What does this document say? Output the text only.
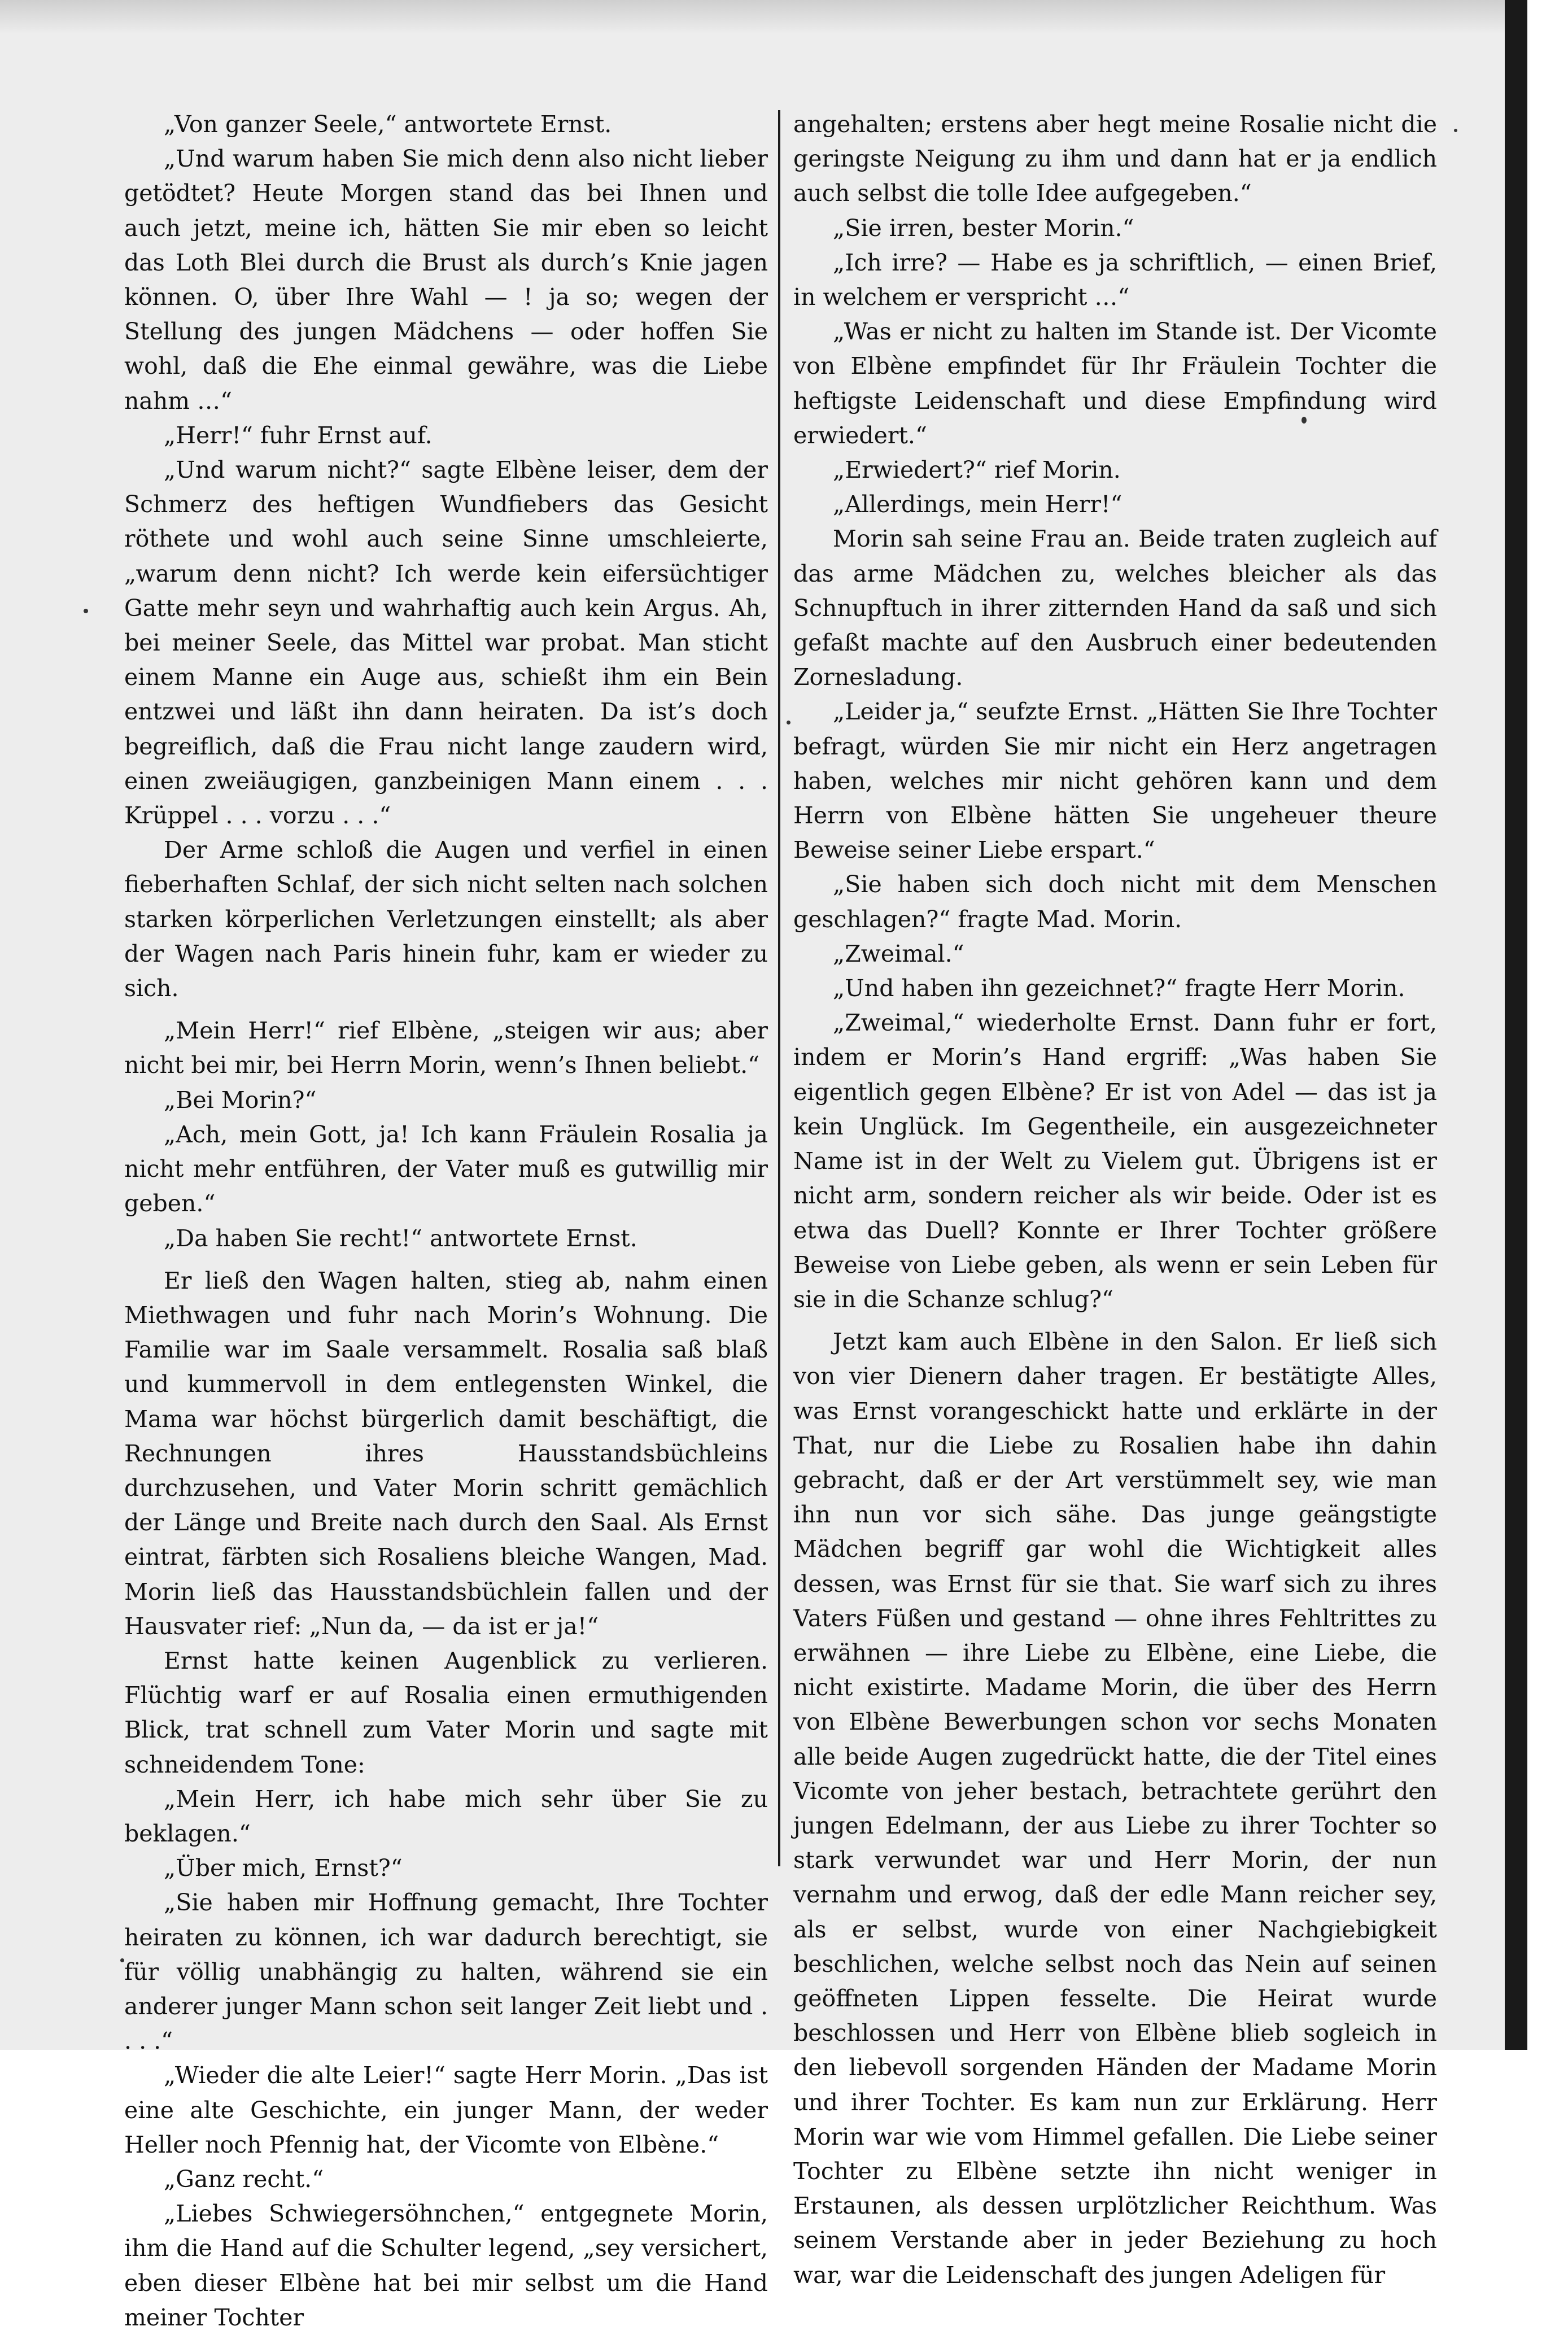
„Von ganzer Seele,“ antwortete Ernst.

„Und warum haben Sie mich denn also nicht lieber getödtet? Heute Morgen stand das bei Ihnen und auch jetzt, meine ich, hätten Sie mir eben so leicht das Loth Blei durch die Brust als durch’s Knie jagen können. O, über Ihre Wahl — ! ja so; wegen der Stellung des jungen Mädchens — oder hoffen Sie wohl, daß die Ehe einmal gewähre, was die Liebe nahm …“

„Herr!“ fuhr Ernst auf.

„Und warum nicht?“ sagte Elbène leiser, dem der Schmerz des heftigen Wundfiebers das Gesicht röthete und wohl auch seine Sinne umschleierte, „warum denn nicht? Ich werde kein eifersüchtiger Gatte mehr seyn und wahrhaftig auch kein Argus. Ah, bei meiner Seele, das Mittel war probat. Man sticht einem Manne ein Auge aus, schießt ihm ein Bein entzwei und läßt ihn dann heiraten. Da ist’s doch begreiflich, daß die Frau nicht lange zaudern wird, einen zweiäugigen, ganzbeinigen Mann einem . . . Krüppel . . . vorzu . . .“

Der Arme schloß die Augen und verfiel in einen fieberhaften Schlaf, der sich nicht selten nach solchen starken körperlichen Verletzungen einstellt; als aber der Wagen nach Paris hinein fuhr, kam er wieder zu sich.

„Mein Herr!“ rief Elbène, „steigen wir aus; aber nicht bei mir, bei Herrn Morin, wenn’s Ihnen beliebt.“

„Bei Morin?“

„Ach, mein Gott, ja! Ich kann Fräulein Rosalia ja nicht mehr entführen, der Vater muß es gutwillig mir geben.“

„Da haben Sie recht!“ antwortete Ernst.

Er ließ den Wagen halten, stieg ab, nahm einen Miethwagen und fuhr nach Morin’s Wohnung. Die Familie war im Saale versammelt. Rosalia saß blaß und kummervoll in dem entlegensten Winkel, die Mama war höchst bürgerlich damit beschäftigt, die Rechnungen ihres Hausstandsbüchleins durchzusehen, und Vater Morin schritt gemächlich der Länge und Breite nach durch den Saal. Als Ernst eintrat, färbten sich Rosaliens bleiche Wangen, Mad. Morin ließ das Hausstandsbüchlein fallen und der Hausvater rief: „Nun da, — da ist er ja!“

Ernst hatte keinen Augenblick zu verlieren. Flüchtig warf er auf Rosalia einen ermuthigenden Blick, trat schnell zum Vater Morin und sagte mit schneidendem Tone:

„Mein Herr, ich habe mich sehr über Sie zu beklagen.“

„Über mich, Ernst?“

„Sie haben mir Hoffnung gemacht, Ihre Tochter heiraten zu können, ich war dadurch berechtigt, sie für völlig unabhängig zu halten, während sie ein anderer junger Mann schon seit langer Zeit liebt und . . . .“

„Wieder die alte Leier!“ sagte Herr Morin. „Das ist eine alte Geschichte, ein junger Mann, der weder Heller noch Pfennig hat, der Vicomte von Elbène.“

„Ganz recht.“

„Liebes Schwiegersöhnchen,“ entgegnete Morin, ihm die Hand auf die Schulter legend, „sey versichert, eben dieser Elbène hat bei mir selbst um die Hand meiner Tochter

angehalten; erstens aber hegt meine Rosalie nicht die geringste Neigung zu ihm und dann hat er ja endlich auch selbst die tolle Idee aufgegeben.“

„Sie irren, bester Morin.“

„Ich irre? — Habe es ja schriftlich, — einen Brief, in welchem er verspricht …“

„Was er nicht zu halten im Stande ist. Der Vicomte von Elbène empfindet für Ihr Fräulein Tochter die heftigste Leidenschaft und diese Empfindung wird erwiedert.“

„Erwiedert?“ rief Morin.

„Allerdings, mein Herr!“

Morin sah seine Frau an. Beide traten zugleich auf das arme Mädchen zu, welches bleicher als das Schnupftuch in ihrer zitternden Hand da saß und sich gefaßt machte auf den Ausbruch einer bedeutenden Zornesladung.

„Leider ja,“ seufzte Ernst. „Hätten Sie Ihre Tochter befragt, würden Sie mir nicht ein Herz angetragen haben, welches mir nicht gehören kann und dem Herrn von Elbène hätten Sie ungeheuer theure Beweise seiner Liebe erspart.“

„Sie haben sich doch nicht mit dem Menschen geschlagen?“ fragte Mad. Morin.

„Zweimal.“

„Und haben ihn gezeichnet?“ fragte Herr Morin.

„Zweimal,“ wiederholte Ernst. Dann fuhr er fort, indem er Morin’s Hand ergriff: „Was haben Sie eigentlich gegen Elbène? Er ist von Adel — das ist ja kein Unglück. Im Gegentheile, ein ausgezeichneter Name ist in der Welt zu Vielem gut. Übrigens ist er nicht arm, sondern reicher als wir beide. Oder ist es etwa das Duell? Konnte er Ihrer Tochter größere Beweise von Liebe geben, als wenn er sein Leben für sie in die Schanze schlug?“

Jetzt kam auch Elbène in den Salon. Er ließ sich von vier Dienern daher tragen. Er bestätigte Alles, was Ernst vorangeschickt hatte und erklärte in der That, nur die Liebe zu Rosalien habe ihn dahin gebracht, daß er der Art verstümmelt sey, wie man ihn nun vor sich sähe. Das junge geängstigte Mädchen begriff gar wohl die Wichtigkeit alles dessen, was Ernst für sie that. Sie warf sich zu ihres Vaters Füßen und gestand — ohne ihres Fehltrittes zu erwähnen — ihre Liebe zu Elbène, eine Liebe, die nicht existirte. Madame Morin, die über des Herrn von Elbène Bewerbungen schon vor sechs Monaten alle beide Augen zugedrückt hatte, die der Titel eines Vicomte von jeher bestach, betrachtete gerührt den jungen Edelmann, der aus Liebe zu ihrer Tochter so stark verwundet war und Herr Morin, der nun vernahm und erwog, daß der edle Mann reicher sey, als er selbst, wurde von einer Nachgiebigkeit beschlichen, welche selbst noch das Nein auf seinen geöffneten Lippen fesselte. Die Heirat wurde beschlossen und Herr von Elbène blieb sogleich in den liebevoll sorgenden Händen der Madame Morin und ihrer Tochter. Es kam nun zur Erklärung. Herr Morin war wie vom Himmel gefallen. Die Liebe seiner Tochter zu Elbène setzte ihn nicht weniger in Erstaunen, als dessen urplötzlicher Reichthum. Was seinem Verstande aber in jeder Beziehung zu hoch war, war die Leidenschaft des jungen Adeligen für
